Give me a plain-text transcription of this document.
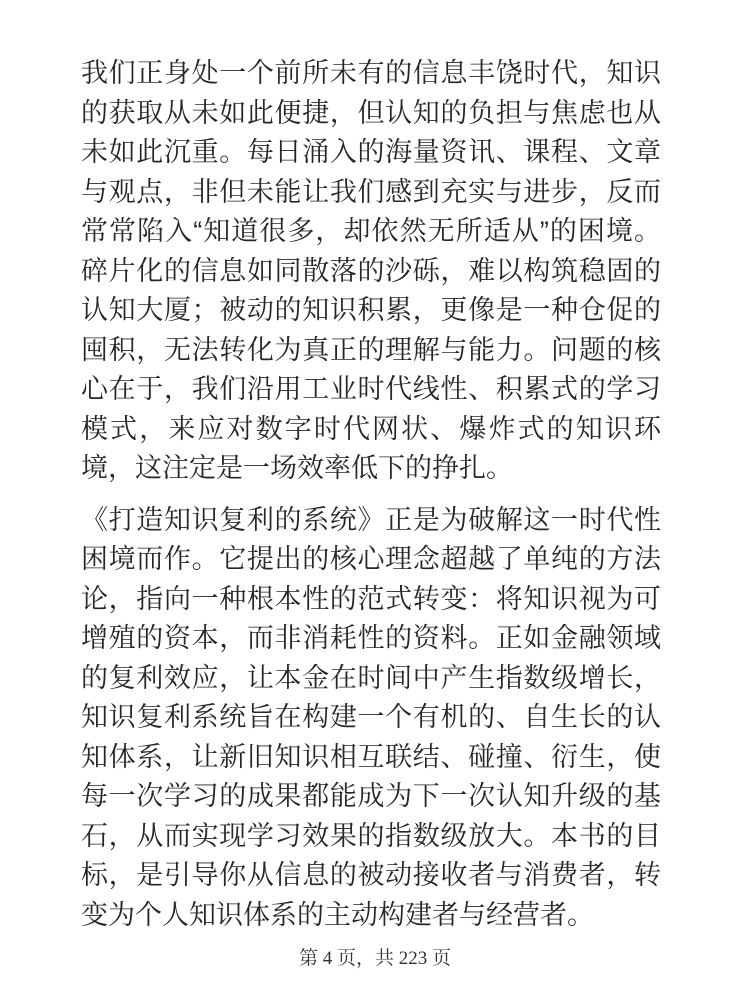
我们正身处一个前所未有的信息丰饶时代，知识的获取从未如此便捷，但认知的负担与焦虑也从未如此沉重。每日涌入的海量资讯、课程、文章与观点，非但未能让我们感到充实与进步，反而常常陷入“知道很多，却依然无所适从”的困境。碎片化的信息如同散落的沙砾，难以构筑稳固的认知大厦；被动的知识积累，更像是一种仓促的囤积，无法转化为真正的理解与能力。问题的核心在于，我们沿用工业时代线性、积累式的学习模式，来应对数字时代网状、爆炸式的知识环境，这注定是一场效率低下的挣扎。

《打造知识复利的系统》正是为破解这一时代性困境而作。它提出的核心理念超越了单纯的方法论，指向一种根本性的范式转变：将知识视为可增殖的资本，而非消耗性的资料。正如金融领域的复利效应，让本金在时间中产生指数级增长，知识复利系统旨在构建一个有机的、自生长的认知体系，让新旧知识相互联结、碰撞、衍生，使每一次学习的成果都能成为下一次认知升级的基石，从而实现学习效果的指数级放大。本书的目标，是引导你从信息的被动接收者与消费者，转变为个人知识体系的主动构建者与经营者。

第 4 页，共 223 页
